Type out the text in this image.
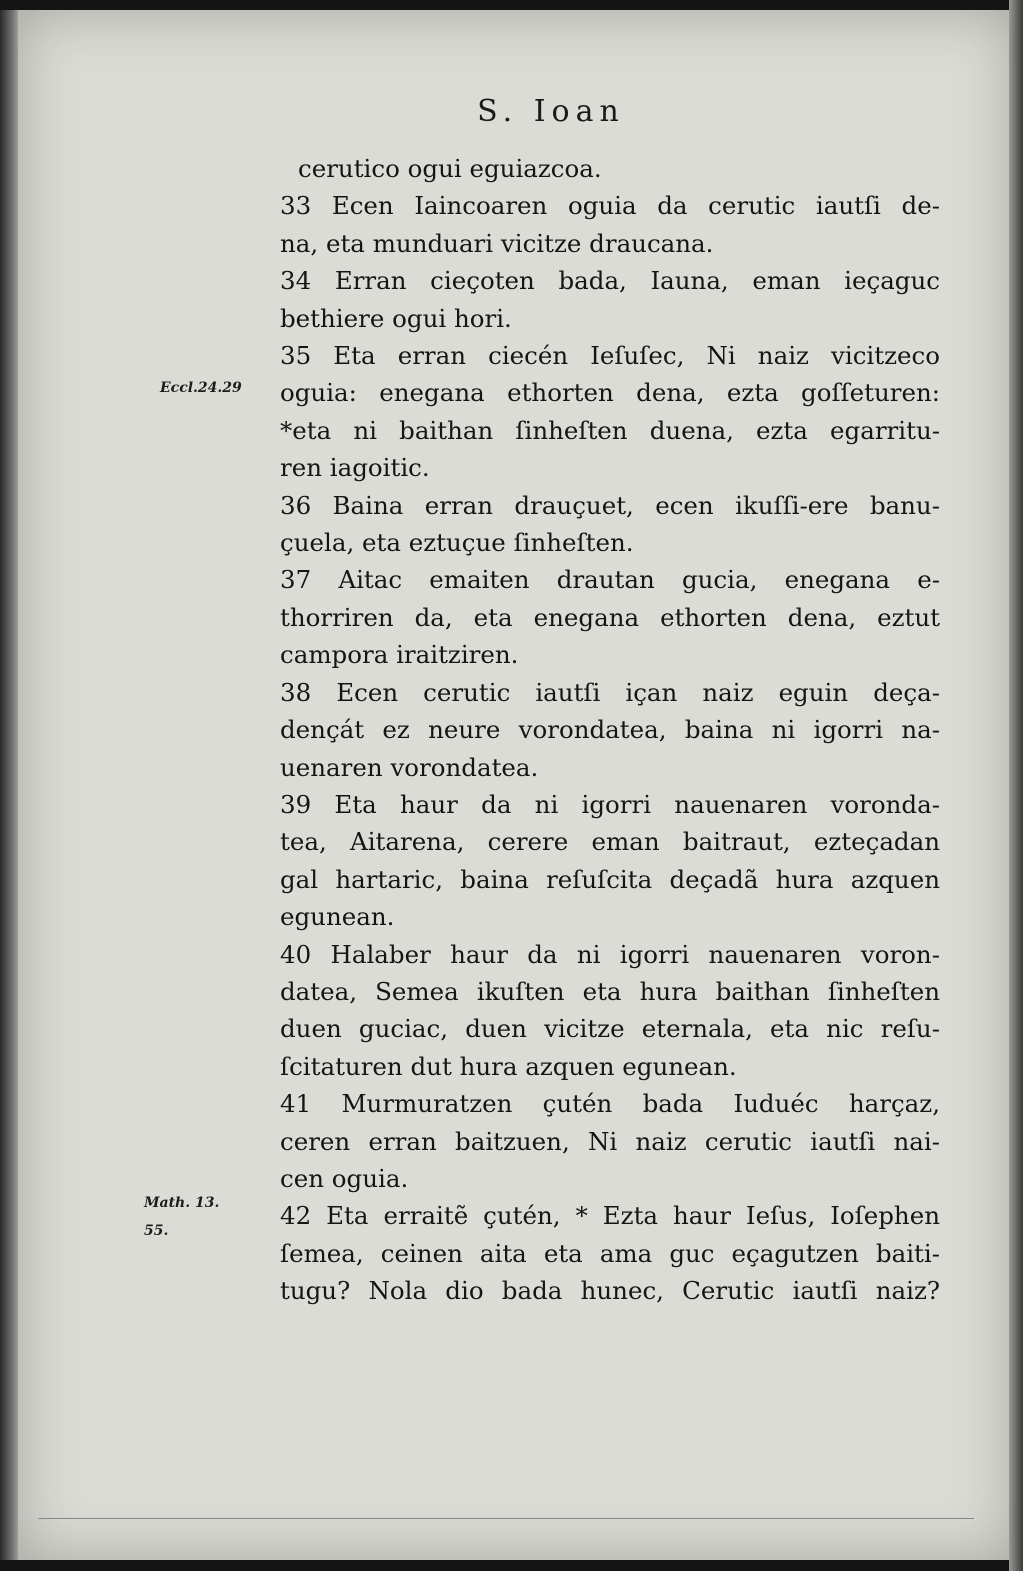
S. Ioan
Eccl.24.29
Math. 13.
55.
cerutico ogui eguiazcoa.
33 Ecen Iaincoaren oguia da cerutic iautſi de-
na, eta munduari vicitze draucana.
34 Erran cieçoten bada, Iauna, eman ieçaguc
bethiere ogui hori.
35 Eta erran ciecén Ieſuſec, Ni naiz vicitzeco
oguia: enegana ethorten dena, ezta goſſeturen:
*eta ni baithan ſinheſten duena, ezta egarritu-
ren iagoitic.
36 Baina erran drauçuet, ecen ikuſſi-ere banu-
çuela, eta eztuçue ſinheſten.
37 Aitac emaiten drautan gucia, enegana e-
thorriren da, eta enegana ethorten dena, eztut
campora iraitziren.
38 Ecen cerutic iautſi içan naiz eguin deça-
dençát ez neure vorondatea, baina ni igorri na-
uenaren vorondatea.
39 Eta haur da ni igorri nauenaren voronda-
tea, Aitarena, cerere eman baitraut, ezteçadan
gal hartaric, baina reſuſcita deçadã hura azquen
egunean.
40 Halaber haur da ni igorri nauenaren voron-
datea, Semea ikuſten eta hura baithan ſinheſten
duen guciac, duen vicitze eternala, eta nic reſu-
ſcitaturen dut hura azquen egunean.
41 Murmuratzen çutén bada Iuduéc harçaz,
ceren erran baitzuen, Ni naiz cerutic iautſi nai-
cen oguia.
42 Eta erraitẽ çutén, * Ezta haur Ieſus, Ioſephen
ſemea, ceinen aita eta ama guc eçagutzen baiti-
tugu? Nola dio bada hunec, Cerutic iautſi naiz?
